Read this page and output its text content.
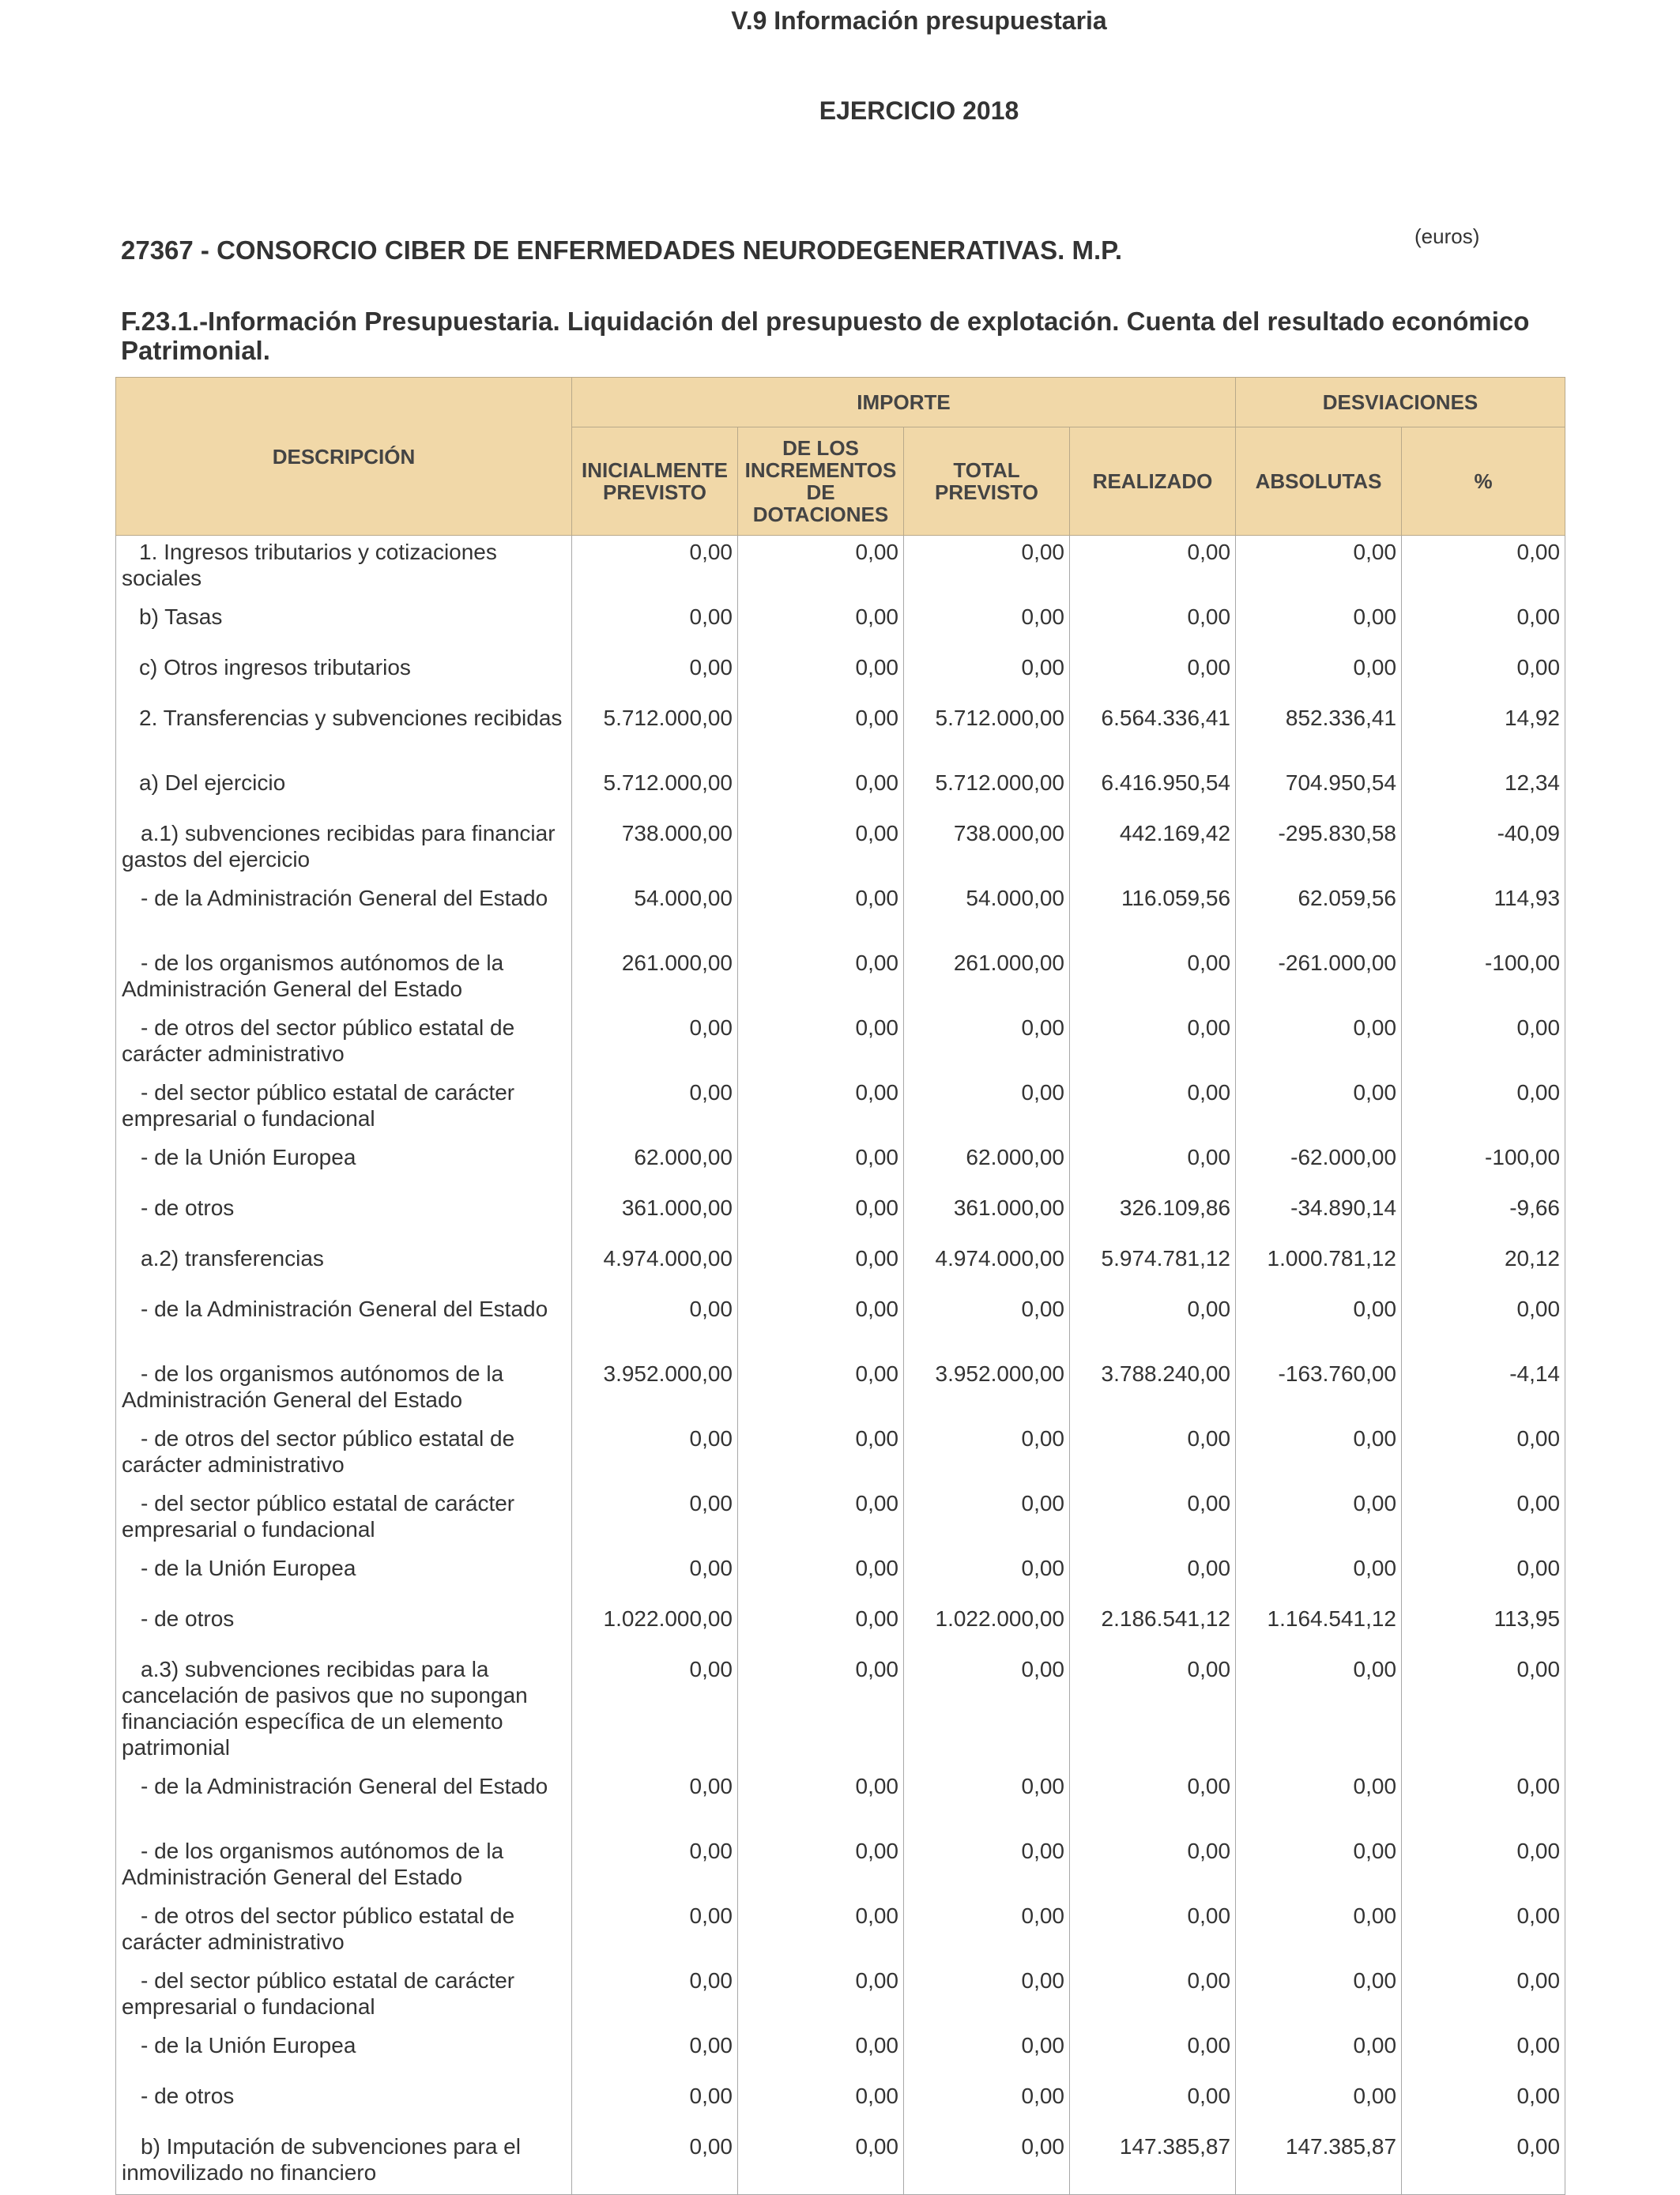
V.9 Información presupuestaria
EJERCICIO 2018
(euros)
27367 - CONSORCIO CIBER DE ENFERMEDADES NEURODEGENERATIVAS. M.P.
F.23.1.-Información Presupuestaria. Liquidación del presupuesto de explotación. Cuenta del resultado económico Patrimonial.
DESCRIPCIÓN	IMPORTE				DESVIACIONES	
	INICIALMENTE PREVISTO	DE LOS INCREMENTOS DE DOTACIONES	TOTAL PREVISTO	REALIZADO	ABSOLUTAS	%

1. Ingresos tributarios y cotizaciones sociales	0,00	0,00	0,00	0,00	0,00	0,00

b) Tasas	0,00	0,00	0,00	0,00	0,00	0,00

c) Otros ingresos tributarios	0,00	0,00	0,00	0,00	0,00	0,00

2. Transferencias y subvenciones recibidas	5.712.000,00	0,00	5.712.000,00	6.564.336,41	852.336,41	14,92

a) Del ejercicio	5.712.000,00	0,00	5.712.000,00	6.416.950,54	704.950,54	12,34

a.1) subvenciones recibidas para financiar gastos del ejercicio	738.000,00	0,00	738.000,00	442.169,42	-295.830,58	-40,09

- de la Administración General del Estado	54.000,00	0,00	54.000,00	116.059,56	62.059,56	114,93

- de los organismos autónomos de la Administración General del Estado	261.000,00	0,00	261.000,00	0,00	-261.000,00	-100,00

- de otros del sector público estatal de carácter administrativo	0,00	0,00	0,00	0,00	0,00	0,00

- del sector público estatal de carácter empresarial o fundacional	0,00	0,00	0,00	0,00	0,00	0,00

- de la Unión Europea	62.000,00	0,00	62.000,00	0,00	-62.000,00	-100,00

- de otros	361.000,00	0,00	361.000,00	326.109,86	-34.890,14	-9,66

a.2) transferencias	4.974.000,00	0,00	4.974.000,00	5.974.781,12	1.000.781,12	20,12

- de la Administración General del Estado	0,00	0,00	0,00	0,00	0,00	0,00

- de los organismos autónomos de la Administración General del Estado	3.952.000,00	0,00	3.952.000,00	3.788.240,00	-163.760,00	-4,14

- de otros del sector público estatal de carácter administrativo	0,00	0,00	0,00	0,00	0,00	0,00

- del sector público estatal de carácter empresarial o fundacional	0,00	0,00	0,00	0,00	0,00	0,00

- de la Unión Europea	0,00	0,00	0,00	0,00	0,00	0,00

- de otros	1.022.000,00	0,00	1.022.000,00	2.186.541,12	1.164.541,12	113,95

a.3) subvenciones recibidas para la cancelación de pasivos que no supongan financiación específica de un elemento patrimonial	0,00	0,00	0,00	0,00	0,00	0,00

- de la Administración General del Estado	0,00	0,00	0,00	0,00	0,00	0,00

- de los organismos autónomos de la Administración General del Estado	0,00	0,00	0,00	0,00	0,00	0,00

- de otros del sector público estatal de carácter administrativo	0,00	0,00	0,00	0,00	0,00	0,00

- del sector público estatal de carácter empresarial o fundacional	0,00	0,00	0,00	0,00	0,00	0,00

- de la Unión Europea	0,00	0,00	0,00	0,00	0,00	0,00

- de otros	0,00	0,00	0,00	0,00	0,00	0,00

b) Imputación de subvenciones para el inmovilizado no financiero	0,00	0,00	0,00	147.385,87	147.385,87	0,00
